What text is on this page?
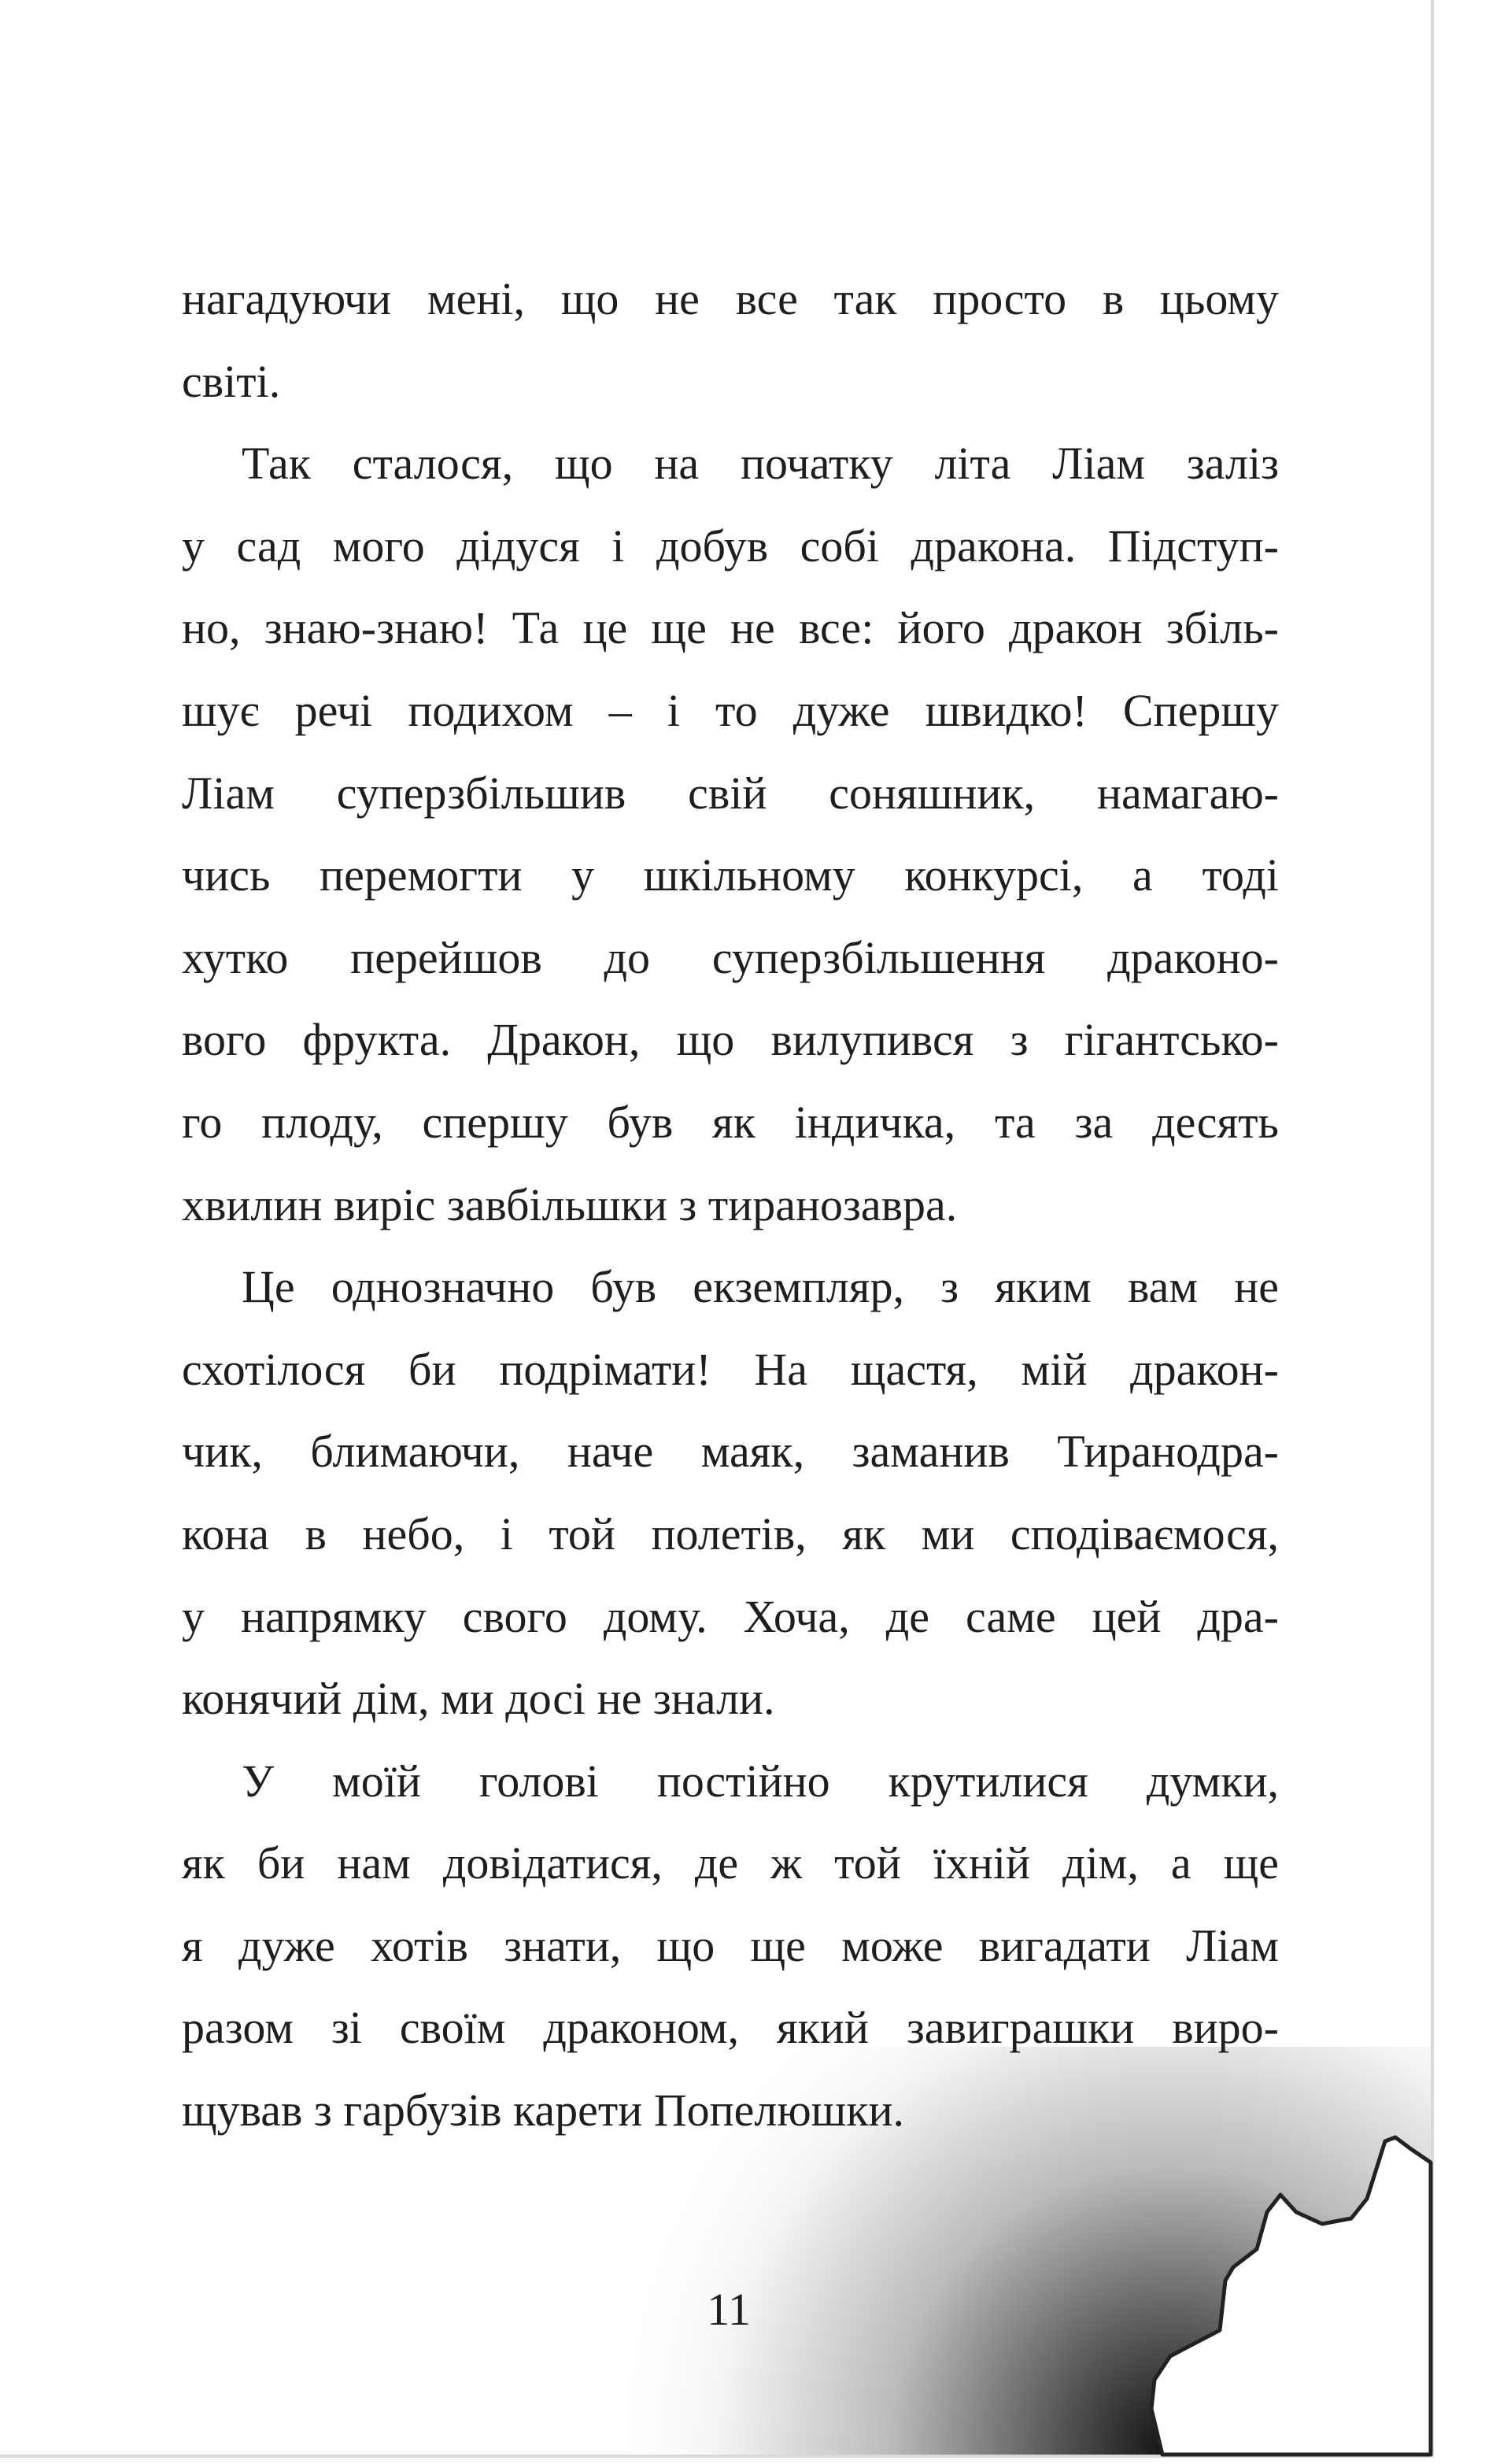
нагадуючи мені, що не все так просто в цьому
світі.
Так сталося, що на початку літа Ліам заліз
у сад мого дідуся і добув собі дракона. Підступ-
но, знаю-знаю! Та це ще не все: його дракон збіль-
шує речі подихом – і то дуже швидко! Спершу
Ліам суперзбільшив свій соняшник, намагаю-
чись перемогти у шкільному конкурсі, а тоді
хутко перейшов до суперзбільшення драконо-
вого фрукта. Дракон, що вилупився з гігантсько-
го плоду, спершу був як індичка, та за десять
хвилин виріс завбільшки з тиранозавра.
Це однозначно був екземпляр, з яким вам не
схотілося би подрімати! На щастя, мій дракон-
чик, блимаючи, наче маяк, заманив Тиранодра-
кона в небо, і той полетів, як ми сподіваємося,
у напрямку свого дому. Хоча, де саме цей дра-
конячий дім, ми досі не знали.
У моїй голові постійно крутилися думки,
як би нам довідатися, де ж той їхній дім, а ще
я дуже хотів знати, що ще може вигадати Ліам
разом зі своїм драконом, який завиграшки виро-
щував з гарбузів карети Попелюшки.
11
